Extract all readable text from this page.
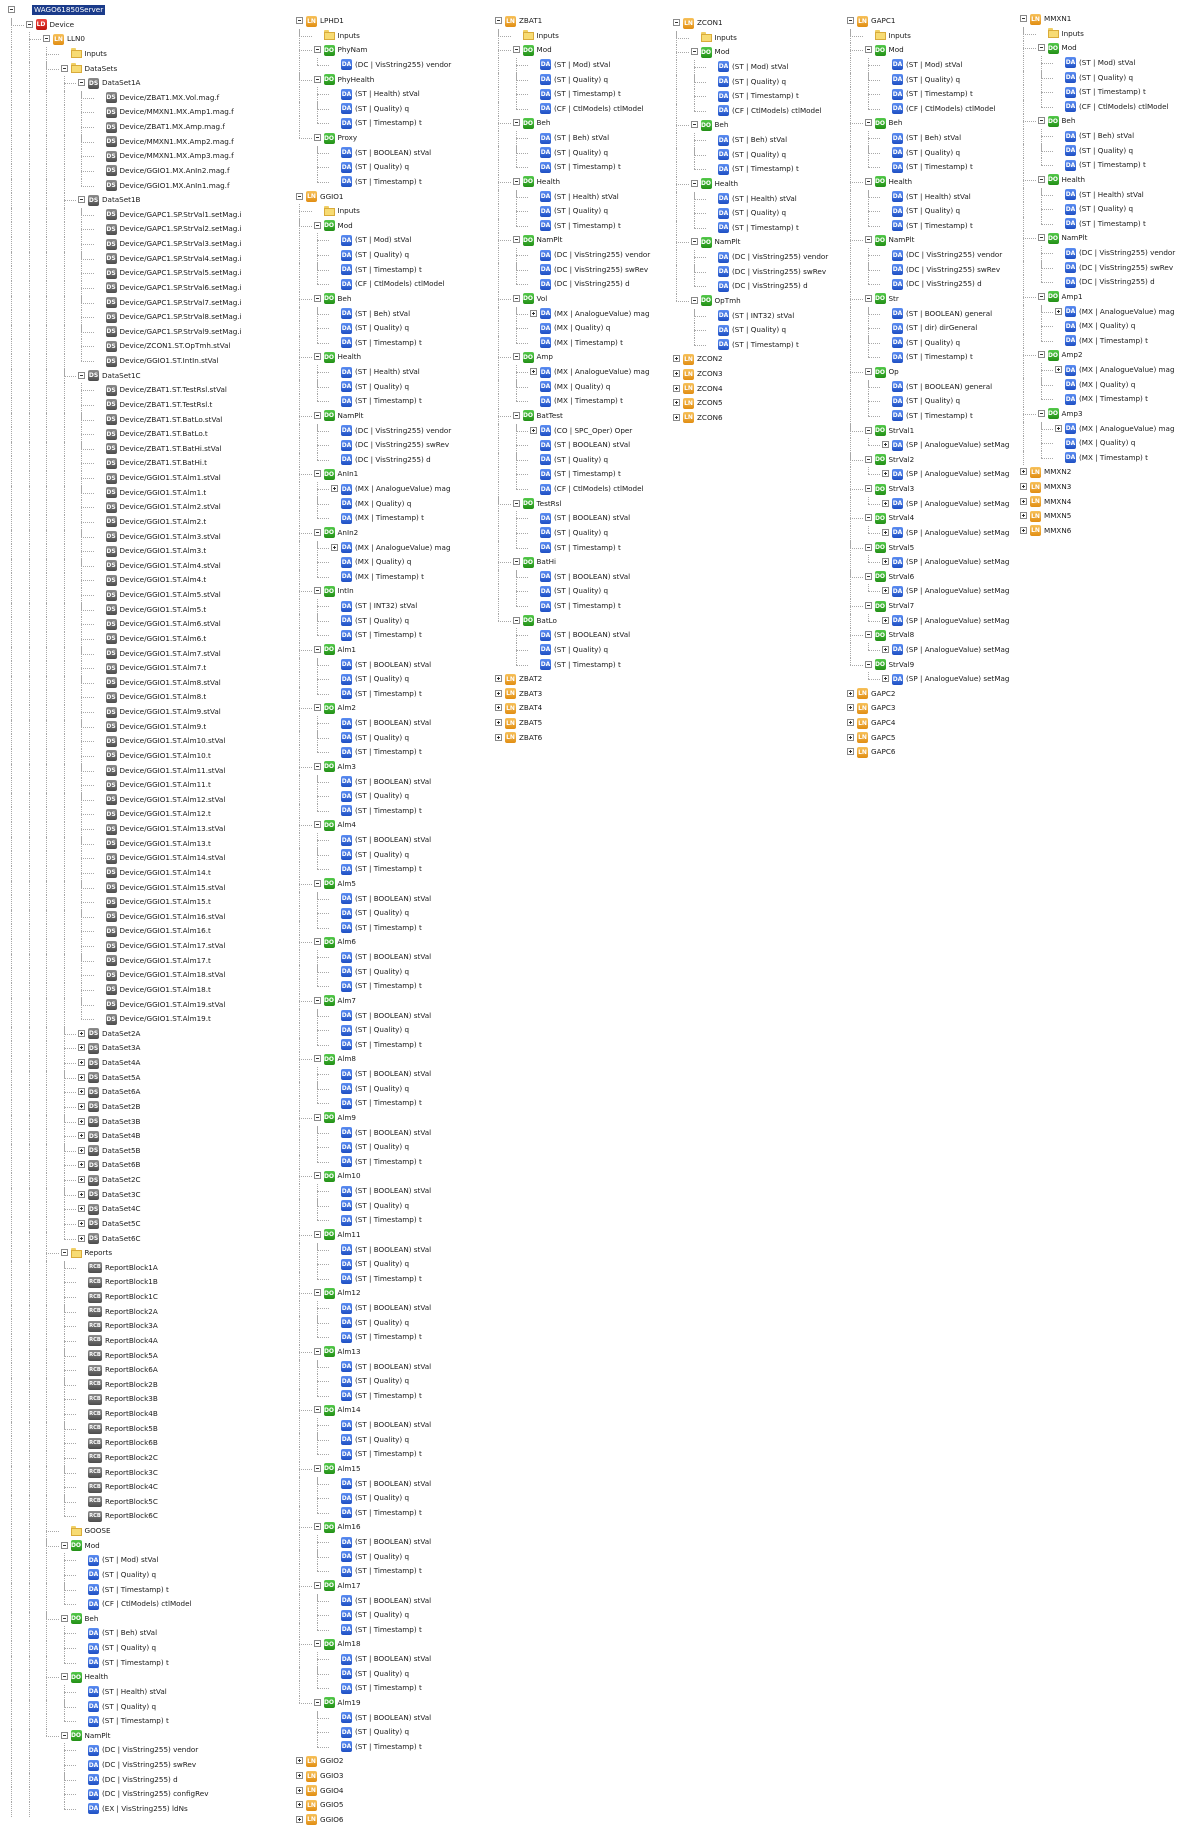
WAGO61850Server
LD Device
LN LLN0
Inputs
DataSets
DS DataSet1A
DS Device/ZBAT1.MX.Vol.mag.f
DS Device/MMXN1.MX.Amp1.mag.f
DS Device/ZBAT1.MX.Amp.mag.f
DS Device/MMXN1.MX.Amp2.mag.f
DS Device/MMXN1.MX.Amp3.mag.f
DS Device/GGIO1.MX.AnIn2.mag.f
DS Device/GGIO1.MX.AnIn1.mag.f
DS DataSet1B
DS Device/GAPC1.SP.StrVal1.setMag.i
DS Device/GAPC1.SP.StrVal2.setMag.i
DS Device/GAPC1.SP.StrVal3.setMag.i
DS Device/GAPC1.SP.StrVal4.setMag.i
DS Device/GAPC1.SP.StrVal5.setMag.i
DS Device/GAPC1.SP.StrVal6.setMag.i
DS Device/GAPC1.SP.StrVal7.setMag.i
DS Device/GAPC1.SP.StrVal8.setMag.i
DS Device/GAPC1.SP.StrVal9.setMag.i
DS Device/ZCON1.ST.OpTmh.stVal
DS Device/GGIO1.ST.IntIn.stVal
DS DataSet1C
DS Device/ZBAT1.ST.TestRsl.stVal
DS Device/ZBAT1.ST.TestRsl.t
DS Device/ZBAT1.ST.BatLo.stVal
DS Device/ZBAT1.ST.BatLo.t
DS Device/ZBAT1.ST.BatHi.stVal
DS Device/ZBAT1.ST.BatHi.t
DS Device/GGIO1.ST.Alm1.stVal
DS Device/GGIO1.ST.Alm1.t
DS Device/GGIO1.ST.Alm2.stVal
DS Device/GGIO1.ST.Alm2.t
DS Device/GGIO1.ST.Alm3.stVal
DS Device/GGIO1.ST.Alm3.t
DS Device/GGIO1.ST.Alm4.stVal
DS Device/GGIO1.ST.Alm4.t
DS Device/GGIO1.ST.Alm5.stVal
DS Device/GGIO1.ST.Alm5.t
DS Device/GGIO1.ST.Alm6.stVal
DS Device/GGIO1.ST.Alm6.t
DS Device/GGIO1.ST.Alm7.stVal
DS Device/GGIO1.ST.Alm7.t
DS Device/GGIO1.ST.Alm8.stVal
DS Device/GGIO1.ST.Alm8.t
DS Device/GGIO1.ST.Alm9.stVal
DS Device/GGIO1.ST.Alm9.t
DS Device/GGIO1.ST.Alm10.stVal
DS Device/GGIO1.ST.Alm10.t
DS Device/GGIO1.ST.Alm11.stVal
DS Device/GGIO1.ST.Alm11.t
DS Device/GGIO1.ST.Alm12.stVal
DS Device/GGIO1.ST.Alm12.t
DS Device/GGIO1.ST.Alm13.stVal
DS Device/GGIO1.ST.Alm13.t
DS Device/GGIO1.ST.Alm14.stVal
DS Device/GGIO1.ST.Alm14.t
DS Device/GGIO1.ST.Alm15.stVal
DS Device/GGIO1.ST.Alm15.t
DS Device/GGIO1.ST.Alm16.stVal
DS Device/GGIO1.ST.Alm16.t
DS Device/GGIO1.ST.Alm17.stVal
DS Device/GGIO1.ST.Alm17.t
DS Device/GGIO1.ST.Alm18.stVal
DS Device/GGIO1.ST.Alm18.t
DS Device/GGIO1.ST.Alm19.stVal
DS Device/GGIO1.ST.Alm19.t
DS DataSet2A
DS DataSet3A
DS DataSet4A
DS DataSet5A
DS DataSet6A
DS DataSet2B
DS DataSet3B
DS DataSet4B
DS DataSet5B
DS DataSet6B
DS DataSet2C
DS DataSet3C
DS DataSet4C
DS DataSet5C
DS DataSet6C
Reports
RCB ReportBlock1A
RCB ReportBlock1B
RCB ReportBlock1C
RCB ReportBlock2A
RCB ReportBlock3A
RCB ReportBlock4A
RCB ReportBlock5A
RCB ReportBlock6A
RCB ReportBlock2B
RCB ReportBlock3B
RCB ReportBlock4B
RCB ReportBlock5B
RCB ReportBlock6B
RCB ReportBlock2C
RCB ReportBlock3C
RCB ReportBlock4C
RCB ReportBlock5C
RCB ReportBlock6C
GOOSE
DO Mod
DA (ST | Mod) stVal
DA (ST | Quality) q
DA (ST | Timestamp) t
DA (CF | CtlModels) ctlModel
DO Beh
DA (ST | Beh) stVal
DA (ST | Quality) q
DA (ST | Timestamp) t
DO Health
DA (ST | Health) stVal
DA (ST | Quality) q
DA (ST | Timestamp) t
DO NamPlt
DA (DC | VisString255) vendor
DA (DC | VisString255) swRev
DA (DC | VisString255) d
DA (DC | VisString255) configRev
DA (EX | VisString255) ldNs
LN LPHD1
Inputs
DO PhyNam
DA (DC | VisString255) vendor
DO PhyHealth
DA (ST | Health) stVal
DA (ST | Quality) q
DA (ST | Timestamp) t
DO Proxy
DA (ST | BOOLEAN) stVal
DA (ST | Quality) q
DA (ST | Timestamp) t
LN GGIO1
Inputs
DO Mod
DA (ST | Mod) stVal
DA (ST | Quality) q
DA (ST | Timestamp) t
DA (CF | CtlModels) ctlModel
DO Beh
DA (ST | Beh) stVal
DA (ST | Quality) q
DA (ST | Timestamp) t
DO Health
DA (ST | Health) stVal
DA (ST | Quality) q
DA (ST | Timestamp) t
DO NamPlt
DA (DC | VisString255) vendor
DA (DC | VisString255) swRev
DA (DC | VisString255) d
DO AnIn1
DA (MX | AnalogueValue) mag
DA (MX | Quality) q
DA (MX | Timestamp) t
DO AnIn2
DA (MX | AnalogueValue) mag
DA (MX | Quality) q
DA (MX | Timestamp) t
DO IntIn
DA (ST | INT32) stVal
DA (ST | Quality) q
DA (ST | Timestamp) t
DO Alm1
DA (ST | BOOLEAN) stVal
DA (ST | Quality) q
DA (ST | Timestamp) t
DO Alm2
DA (ST | BOOLEAN) stVal
DA (ST | Quality) q
DA (ST | Timestamp) t
DO Alm3
DA (ST | BOOLEAN) stVal
DA (ST | Quality) q
DA (ST | Timestamp) t
DO Alm4
DA (ST | BOOLEAN) stVal
DA (ST | Quality) q
DA (ST | Timestamp) t
DO Alm5
DA (ST | BOOLEAN) stVal
DA (ST | Quality) q
DA (ST | Timestamp) t
DO Alm6
DA (ST | BOOLEAN) stVal
DA (ST | Quality) q
DA (ST | Timestamp) t
DO Alm7
DA (ST | BOOLEAN) stVal
DA (ST | Quality) q
DA (ST | Timestamp) t
DO Alm8
DA (ST | BOOLEAN) stVal
DA (ST | Quality) q
DA (ST | Timestamp) t
DO Alm9
DA (ST | BOOLEAN) stVal
DA (ST | Quality) q
DA (ST | Timestamp) t
DO Alm10
DA (ST | BOOLEAN) stVal
DA (ST | Quality) q
DA (ST | Timestamp) t
DO Alm11
DA (ST | BOOLEAN) stVal
DA (ST | Quality) q
DA (ST | Timestamp) t
DO Alm12
DA (ST | BOOLEAN) stVal
DA (ST | Quality) q
DA (ST | Timestamp) t
DO Alm13
DA (ST | BOOLEAN) stVal
DA (ST | Quality) q
DA (ST | Timestamp) t
DO Alm14
DA (ST | BOOLEAN) stVal
DA (ST | Quality) q
DA (ST | Timestamp) t
DO Alm15
DA (ST | BOOLEAN) stVal
DA (ST | Quality) q
DA (ST | Timestamp) t
DO Alm16
DA (ST | BOOLEAN) stVal
DA (ST | Quality) q
DA (ST | Timestamp) t
DO Alm17
DA (ST | BOOLEAN) stVal
DA (ST | Quality) q
DA (ST | Timestamp) t
DO Alm18
DA (ST | BOOLEAN) stVal
DA (ST | Quality) q
DA (ST | Timestamp) t
DO Alm19
DA (ST | BOOLEAN) stVal
DA (ST | Quality) q
DA (ST | Timestamp) t
LN GGIO2
LN GGIO3
LN GGIO4
LN GGIO5
LN GGIO6
LN ZBAT1
Inputs
DO Mod
DA (ST | Mod) stVal
DA (ST | Quality) q
DA (ST | Timestamp) t
DA (CF | CtlModels) ctlModel
DO Beh
DA (ST | Beh) stVal
DA (ST | Quality) q
DA (ST | Timestamp) t
DO Health
DA (ST | Health) stVal
DA (ST | Quality) q
DA (ST | Timestamp) t
DO NamPlt
DA (DC | VisString255) vendor
DA (DC | VisString255) swRev
DA (DC | VisString255) d
DO Vol
DA (MX | AnalogueValue) mag
DA (MX | Quality) q
DA (MX | Timestamp) t
DO Amp
DA (MX | AnalogueValue) mag
DA (MX | Quality) q
DA (MX | Timestamp) t
DO BatTest
DA (CO | SPC_Oper) Oper
DA (ST | BOOLEAN) stVal
DA (ST | Quality) q
DA (ST | Timestamp) t
DA (CF | CtlModels) ctlModel
DO TestRsl
DA (ST | BOOLEAN) stVal
DA (ST | Quality) q
DA (ST | Timestamp) t
DO BatHi
DA (ST | BOOLEAN) stVal
DA (ST | Quality) q
DA (ST | Timestamp) t
DO BatLo
DA (ST | BOOLEAN) stVal
DA (ST | Quality) q
DA (ST | Timestamp) t
LN ZBAT2
LN ZBAT3
LN ZBAT4
LN ZBAT5
LN ZBAT6
LN ZCON1
Inputs
DO Mod
DA (ST | Mod) stVal
DA (ST | Quality) q
DA (ST | Timestamp) t
DA (CF | CtlModels) ctlModel
DO Beh
DA (ST | Beh) stVal
DA (ST | Quality) q
DA (ST | Timestamp) t
DO Health
DA (ST | Health) stVal
DA (ST | Quality) q
DA (ST | Timestamp) t
DO NamPlt
DA (DC | VisString255) vendor
DA (DC | VisString255) swRev
DA (DC | VisString255) d
DO OpTmh
DA (ST | INT32) stVal
DA (ST | Quality) q
DA (ST | Timestamp) t
LN ZCON2
LN ZCON3
LN ZCON4
LN ZCON5
LN ZCON6
LN GAPC1
Inputs
DO Mod
DA (ST | Mod) stVal
DA (ST | Quality) q
DA (ST | Timestamp) t
DA (CF | CtlModels) ctlModel
DO Beh
DA (ST | Beh) stVal
DA (ST | Quality) q
DA (ST | Timestamp) t
DO Health
DA (ST | Health) stVal
DA (ST | Quality) q
DA (ST | Timestamp) t
DO NamPlt
DA (DC | VisString255) vendor
DA (DC | VisString255) swRev
DA (DC | VisString255) d
DO Str
DA (ST | BOOLEAN) general
DA (ST | dir) dirGeneral
DA (ST | Quality) q
DA (ST | Timestamp) t
DO Op
DA (ST | BOOLEAN) general
DA (ST | Quality) q
DA (ST | Timestamp) t
DO StrVal1
DA (SP | AnalogueValue) setMag
DO StrVal2
DA (SP | AnalogueValue) setMag
DO StrVal3
DA (SP | AnalogueValue) setMag
DO StrVal4
DA (SP | AnalogueValue) setMag
DO StrVal5
DA (SP | AnalogueValue) setMag
DO StrVal6
DA (SP | AnalogueValue) setMag
DO StrVal7
DA (SP | AnalogueValue) setMag
DO StrVal8
DA (SP | AnalogueValue) setMag
DO StrVal9
DA (SP | AnalogueValue) setMag
LN GAPC2
LN GAPC3
LN GAPC4
LN GAPC5
LN GAPC6
LN MMXN1
Inputs
DO Mod
DA (ST | Mod) stVal
DA (ST | Quality) q
DA (ST | Timestamp) t
DA (CF | CtlModels) ctlModel
DO Beh
DA (ST | Beh) stVal
DA (ST | Quality) q
DA (ST | Timestamp) t
DO Health
DA (ST | Health) stVal
DA (ST | Quality) q
DA (ST | Timestamp) t
DO NamPlt
DA (DC | VisString255) vendor
DA (DC | VisString255) swRev
DA (DC | VisString255) d
DO Amp1
DA (MX | AnalogueValue) mag
DA (MX | Quality) q
DA (MX | Timestamp) t
DO Amp2
DA (MX | AnalogueValue) mag
DA (MX | Quality) q
DA (MX | Timestamp) t
DO Amp3
DA (MX | AnalogueValue) mag
DA (MX | Quality) q
DA (MX | Timestamp) t
LN MMXN2
LN MMXN3
LN MMXN4
LN MMXN5
LN MMXN6
